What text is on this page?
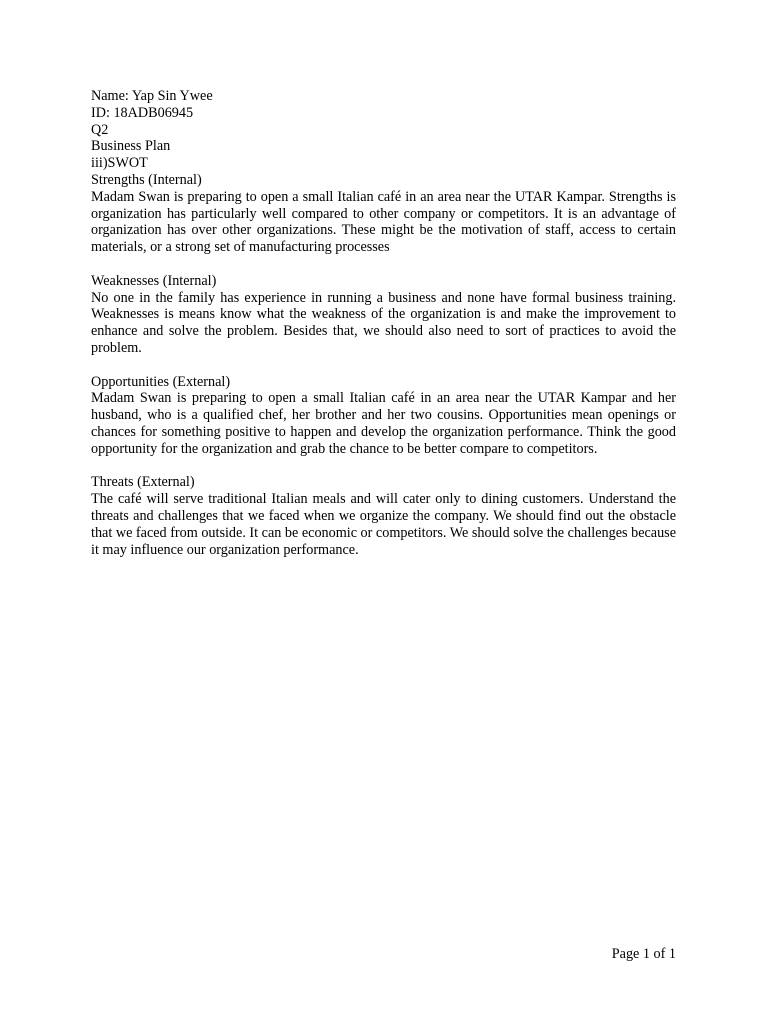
Name: Yap Sin Ywee

ID: 18ADB06945

Q2

Business Plan

iii)SWOT

Strengths (Internal)

Madam Swan is preparing to open a small Italian café in an area near the UTAR Kampar. Strengths is organization has particularly well compared to other company or competitors. It is an advantage of organization has over other organizations. These might be the motivation of staff, access to certain materials, or a strong set of manufacturing processes

Weaknesses (Internal)

No one in the family has experience in running a business and none have formal business training. Weaknesses is means know what the weakness of the organization is and make the improvement to enhance and solve the problem. Besides that, we should also need to sort of practices to avoid the problem.

Opportunities (External)

Madam Swan is preparing to open a small Italian café in an area near the UTAR Kampar and her husband, who is a qualified chef, her brother and her two cousins. Opportunities mean openings or chances for something positive to happen and develop the organization performance. Think the good opportunity for the organization and grab the chance to be better compare to competitors.

Threats (External)

The café will serve traditional Italian meals and will cater only to dining customers. Understand the threats and challenges that we faced when we organize the company. We should find out the obstacle that we faced from outside. It can be economic or competitors. We should solve the challenges because it may influence our organization performance.

Page 1 of 1
